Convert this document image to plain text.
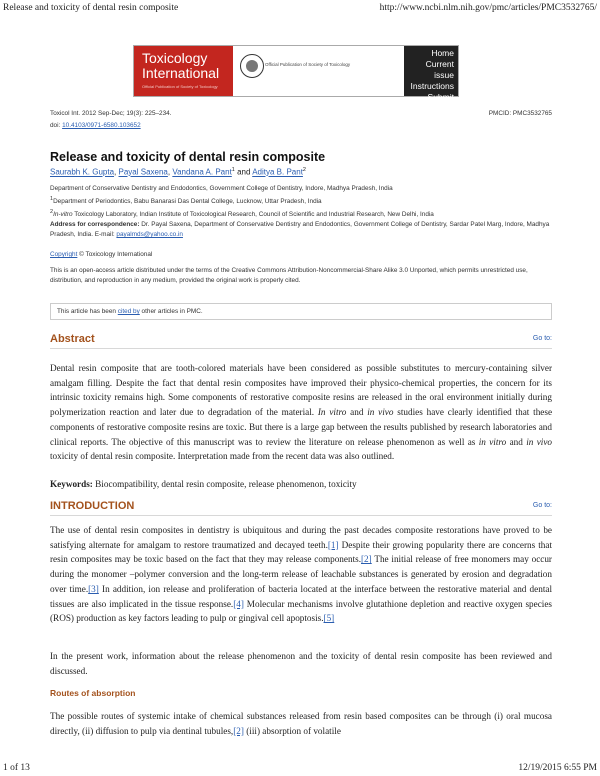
Release and toxicity of dental resin composite	http://www.ncbi.nlm.nih.gov/pmc/articles/PMC3532765/
Toxicology
International
Official Publication of Society of Toxicology
Official Publication of Society of Toxicology
Home
Current issue
Instructions
Submit article
Toxicol Int. 2012 Sep-Dec; 19(3): 225–234.	PMCID: PMC3532765
doi: 10.4103/0971-6580.103652
Release and toxicity of dental resin composite
Saurabh K. Gupta, Payal Saxena, Vandana A. Pant$^1$ and Aditya B. Pant$^2$
Department of Conservative Dentistry and Endodontics, Government College of Dentistry, Indore, Madhya Pradesh, India
$^1$Department of Periodontics, Babu Banarasi Das Dental College, Lucknow, Uttar Pradesh, India
$^2$In-vitro Toxicology Laboratory, Indian Institute of Toxicological Research, Council of Scientific and Industrial Research, New Delhi, India
Address for correspondence: Dr. Payal Saxena, Department of Conservative Dentistry and Endodontics, Government College of Dentistry, Sardar Patel Marg, Indore, Madhya Pradesh, India. E-mail: payalmds@yahoo.co.in
Copyright © Toxicology International
This is an open-access article distributed under the terms of the Creative Commons Attribution-Noncommercial-Share Alike 3.0 Unported, which permits unrestricted use, distribution, and reproduction in any medium, provided the original work is properly cited.
This article has been cited by other articles in PMC.
Abstract	Go to:

Dental resin composite that are tooth-colored materials have been considered as possible substitutes to mercury-containing silver amalgam filling. Despite the fact that dental resin composites have improved their physico-chemical properties, the concern for its intrinsic toxicity remains high. Some components of restorative composite resins are released in the oral environment initially during polymerization reaction and later due to degradation of the material. In vitro and in vivo studies have clearly identified that these components of restorative composite resins are toxic. But there is a large gap between the results published by research laboratories and clinical reports. The objective of this manuscript was to review the literature on release phenomenon as well as in vitro and in vivo toxicity of dental resin composite. Interpretation made from the recent data was also outlined.

Keywords: Biocompatibility, dental resin composite, release phenomenon, toxicity
INTRODUCTION	Go to:

The use of dental resin composites in dentistry is ubiquitous and during the past decades composite restorations have proved to be satisfying alternate for amalgam to restore traumatized and decayed teeth.[1] Despite their growing popularity there are concerns that resin composites may be toxic based on the fact that they may release components.[2] The initial release of free monomers may occur during the monomer –polymer conversion and the long-term release of leachable substances is generated by erosion and degradation over time.[3] In addition, ion release and proliferation of bacteria located at the interface between the restorative material and dental tissues are also implicated in the tissue response.[4] Molecular mechanisms involve glutathione depletion and reactive oxygen species (ROS) production as key factors leading to pulp or gingival cell apoptosis.[5]

In the present work, information about the release phenomenon and the toxicity of dental resin composite has been reviewed and discussed.
Routes of absorption

The possible routes of systemic intake of chemical substances released from resin based composites can be through (i) oral mucosa directly, (ii) diffusion to pulp via dentinal tubules,[2] (iii) absorption of volatile

1 of 13	12/19/2015 6:55 PM
